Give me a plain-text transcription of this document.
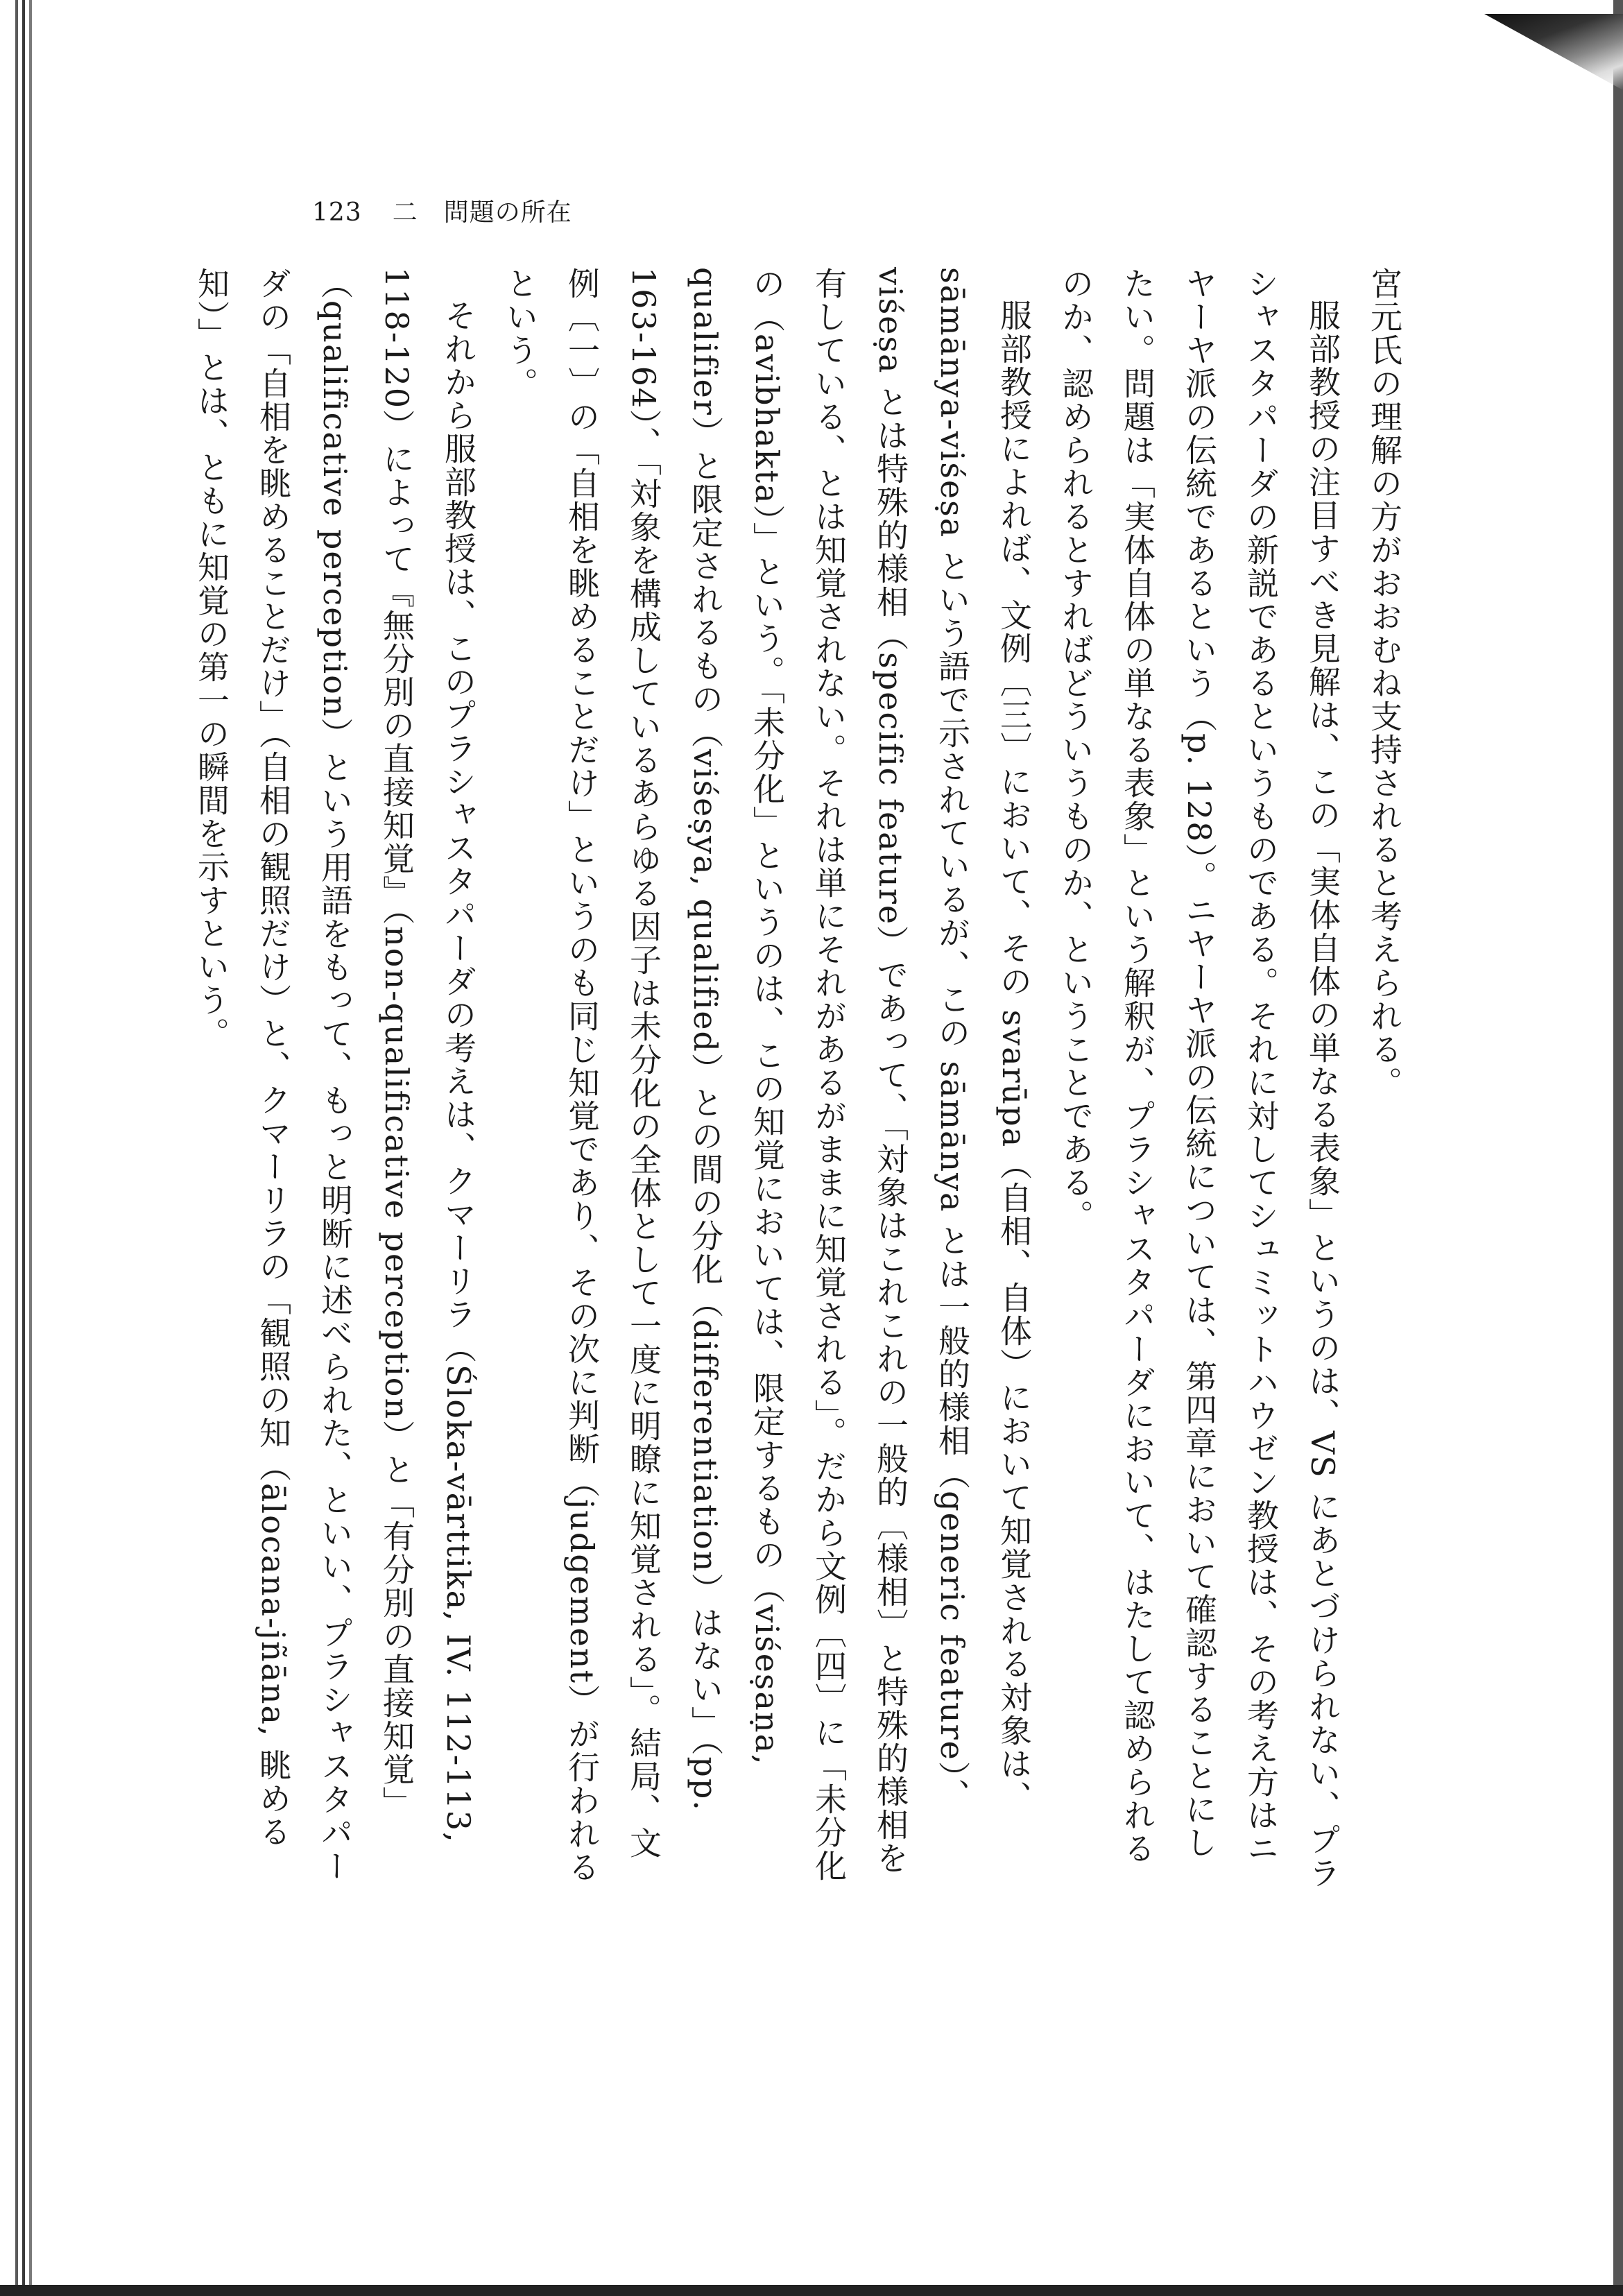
123 二　問題の所在

宮元氏の理解の方がおおむね支持されると考えられる。

服部教授の注目すべき見解は、この「実体自体の単なる表象」というのは、VS にあとづけられない、プラシャスタパーダの新説であるというものである。それに対してシュミットハウゼン教授は、その考え方はニヤーヤ派の伝統であるという（p. 128）。ニヤーヤ派の伝統については、第四章において確認することにしたい。問題は「実体自体の単なる表象」という解釈が、プラシャスタパーダにおいて、はたして認められるのか、認められるとすればどういうものか、ということである。

服部教授によれば、文例〔三〕において、その svarūpa（自相、自体）において知覚される対象は、sāmānya-viśeṣa という語で示されているが、この sāmānya とは一般的様相（generic feature）、viśeṣa とは特殊的様相（specific feature）であって、「対象はこれこれの一般的〔様相〕と特殊的様相を有している、とは知覚されない。それは単にそれがあるがままに知覚される」。だから文例〔四〕に「未分化の（avibhakta）」という。「未分化」というのは、この知覚においては、限定するもの（viśeṣaṇa, qualifier）と限定されるもの（viśeṣya, qualified）との間の分化（differentiation）はない」（pp. 163-164）、「対象を構成しているあらゆる因子は未分化の全体として一度に明瞭に知覚される」。結局、文例〔一〕の「自相を眺めることだけ」というのも同じ知覚であり、その次に判断（judgement）が行われるという。

それから服部教授は、このプラシャスタパーダの考えは、クマーリラ（Śloka-vārttika, IV. 112-113, 118-120）によって『無分別の直接知覚』（non-qualificative perception）と「有分別の直接知覚」（qualificative perception）という用語をもって、もっと明断に述べられた、といい、プラシャスタパーダの「自相を眺めることだけ」（自相の観照だけ）と、クマーリラの「観照の知（ālocana-jñāna, 眺める知）」とは、ともに知覚の第一の瞬間を示すという。
